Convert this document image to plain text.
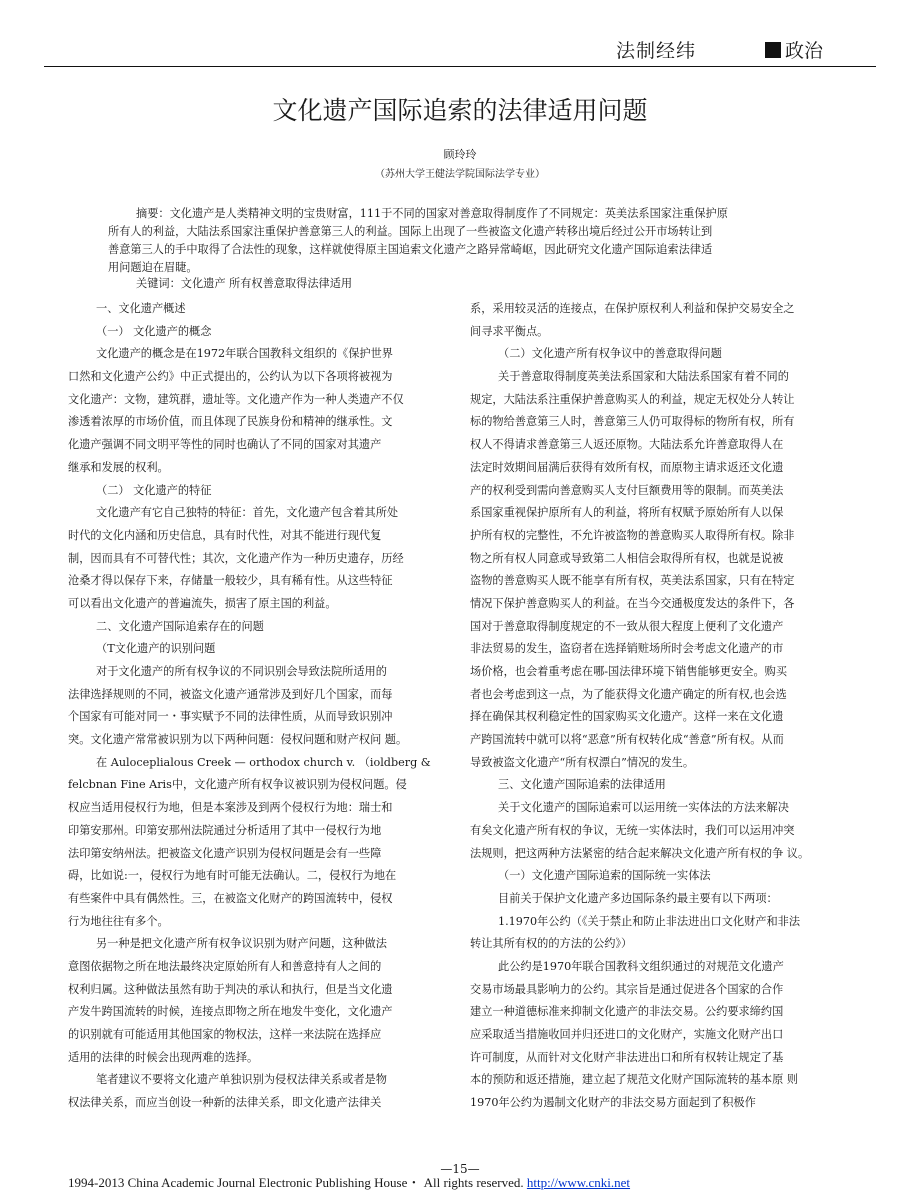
法制经纬	政治
文化遗产国际追索的法律适用问题
顾玲玲
（苏州大学王健法学院国际法学专业）
摘要：文化遗产是人类精神文明的宝贵财富，111于不同的国家对善意取得制度作了不同规定：英美法系国家注重保护原
所有人的利益，大陆法系国家注重保护善意第三人的利益。国际上出现了一些被盗文化遗产转移出境后经过公开市场转让到
善意第三人的手中取得了合法性的现象，这样就使得原主国追索文化遗产之路异常崎岖，因此研究文化遗产国际追索法律适
用问题迫在眉睫。
关键词：文化遗产 所有权善意取得法律适用
一、文化遗产概述
（一） 文化遗产的概念
文化遗产的概念是在1972年联合国教科文组织的《保护世界
口然和文化遗产公约》中正式提出的，公约认为以下各项将被视为
文化遗产：文物，建筑群，遗址等。文化遗产作为一种人类遗产不仅
渗透着浓厚的市场价值，而且体现了民族身份和精神的继承性。文
化遗产强调不同文明平等性的同时也确认了不同的国家对其遗产
继承和发展的权利。
（二） 文化遗产的特征
文化遗产有它自己独特的特征：首先，文化遗产包含着其所处
时代的文化内涵和历史信息，具有时代性，对其不能进行现代复
制，因而具有不可替代性；其次，文化遗产作为一种历史遗存，历经
沧桑才得以保存下来，存储量一般较少，具有稀有性。从这些特征
可以看出文化遗产的普遍流失，损害了原主国的利益。
二、文化遗产国际追索存在的问题
（T文化遗产的识别问题
对于文化遗产的所有权争议的不同识别会导致法院所适用的
法律选择规则的不同，被盗文化遗产通常涉及到好几个国家，而每
个国家有可能对同一・事实赋予不同的法律性质，从而导致识别冲
突。文化遗产常常被识别为以下两种问题：侵权问题和财产权问 题。
在 Auloceplialous Creek — orthodox church v. （ioldberg &
felcbnan Fine Aris中，文化遗产所有权争议被识别为侵权问题。侵
权应当适用侵权行为地，但是本案涉及到两个侵权行为地：瑞士和
印第安那州。印第安那州法院通过分析适用了其中一侵权行为地
法印第安纳州法。把被盗文化遗产识别为侵权问题是会有一些障
碍，比如说:一，侵权行为地有时可能无法确认。二，侵权行为地在
有些案件中具有偶然性。三，在被盗文化财产的跨国流转中，侵权
行为地往往有多个。
另一种是把文化遗产所有权争议识别为财产问题，这种做法
意图依据物之所在地法最终决定原始所有人和善意持有人之间的
权利归属。这种做法虽然有助于判决的承认和执行，但是当文化遗
产发牛跨国流转的时候，连接点即物之所在地发牛变化，文化遗产
的识别就有可能适用其他国家的物权法，这样一来法院在选择应
适用的法律的时候会出现两难的选择。
笔者建议不要将文化遗产单独识别为侵权法律关系或者是物
权法律关系，而应当创设一种新的法律关系，即文化遗产法律关
系，采用较灵活的连接点，在保护原权利人利益和保护交易安全之
间寻求平衡点。
（二）文化遗产所有权争议中的善意取得问题
关于善意取得制度英美法系国家和大陆法系国家有着不同的
规定，大陆法系注重保护善意购买人的利益，规定无权处分人转让
标的物给善意第三人时，善意第三人仍可取得标的物所有权，所有
权人不得请求善意第三人返还原物。大陆法系允许善意取得人在
法定时效期间届满后获得有效所有权，而原物主请求返还文化遗
产的权利受到需向善意购买人支付巨额费用等的限制。而英美法
系国家重视保护原所有人的利益，将所有权赋予原始所有人以保
护所有权的完整性，不允许被盗物的善意购买人取得所有权。除非
物之所有权人同意或导致第二人相信会取得所有权，也就是说被
盗物的善意购买人既不能享有所有权，英美法系国家，只有在特定
情况下保护善意购买人的利益。在当今交通极度发达的条件下，各
国对于善意取得制度规定的不一致从很大程度上便利了文化遗产
非法贸易的发生，盗窃者在选择销赃场所时会考虑文化遗产的市
场价格，也会着重考虑在哪-国法律环境下销售能够更安全。购买
者也会考虑到这一点，为了能获得文化遗产确定的所有权,也会选
择在确保其权利稳定性的国家购买文化遗产。这样一来在文化遗
产跨国流转中就可以将“恶意”所有权转化成“善意”所有权。从而
导致被盗文化遗产“所有权漂白”情况的发生。
三、文化遗产国际追索的法律适用
关于文化遗产的国际追索可以运用统一实体法的方法来解决
有矣文化遗产所有权的争议，无统一实体法时，我们可以运用冲突
法规则，把这两种方法紧密的结合起来解决文化遗产所有权的争 议。
（一）文化遗产国际追索的国际统一实体法
目前关于保护文化遗产多边国际条约最主要有以下两项：
1.1970年公约（《关于禁止和防止非法进出口文化财产和非法
转让其所有权的的方法的公约》）
此公约是1970年联合国教科文组织通过的对规范文化遗产
交易市场最具影响力的公约。其宗旨是通过促进各个国家的合作
建立一种道德标准来抑制文化遗产的非法交易。公约要求缔约国
应采取适当措施收回并归还进口的文化财产，实施文化财产出口
许可制度，从而针对文化财产非法进出口和所有权转让规定了基
本的预防和返还措施，建立起了规范文化财产国际流转的基本原 则
1970年公约为遏制文化财产的非法交易方面起到了积极作
—15—
1994-2013 China Academic Journal Electronic Publishing House・ All rights reserved. http://www.cnki.net
